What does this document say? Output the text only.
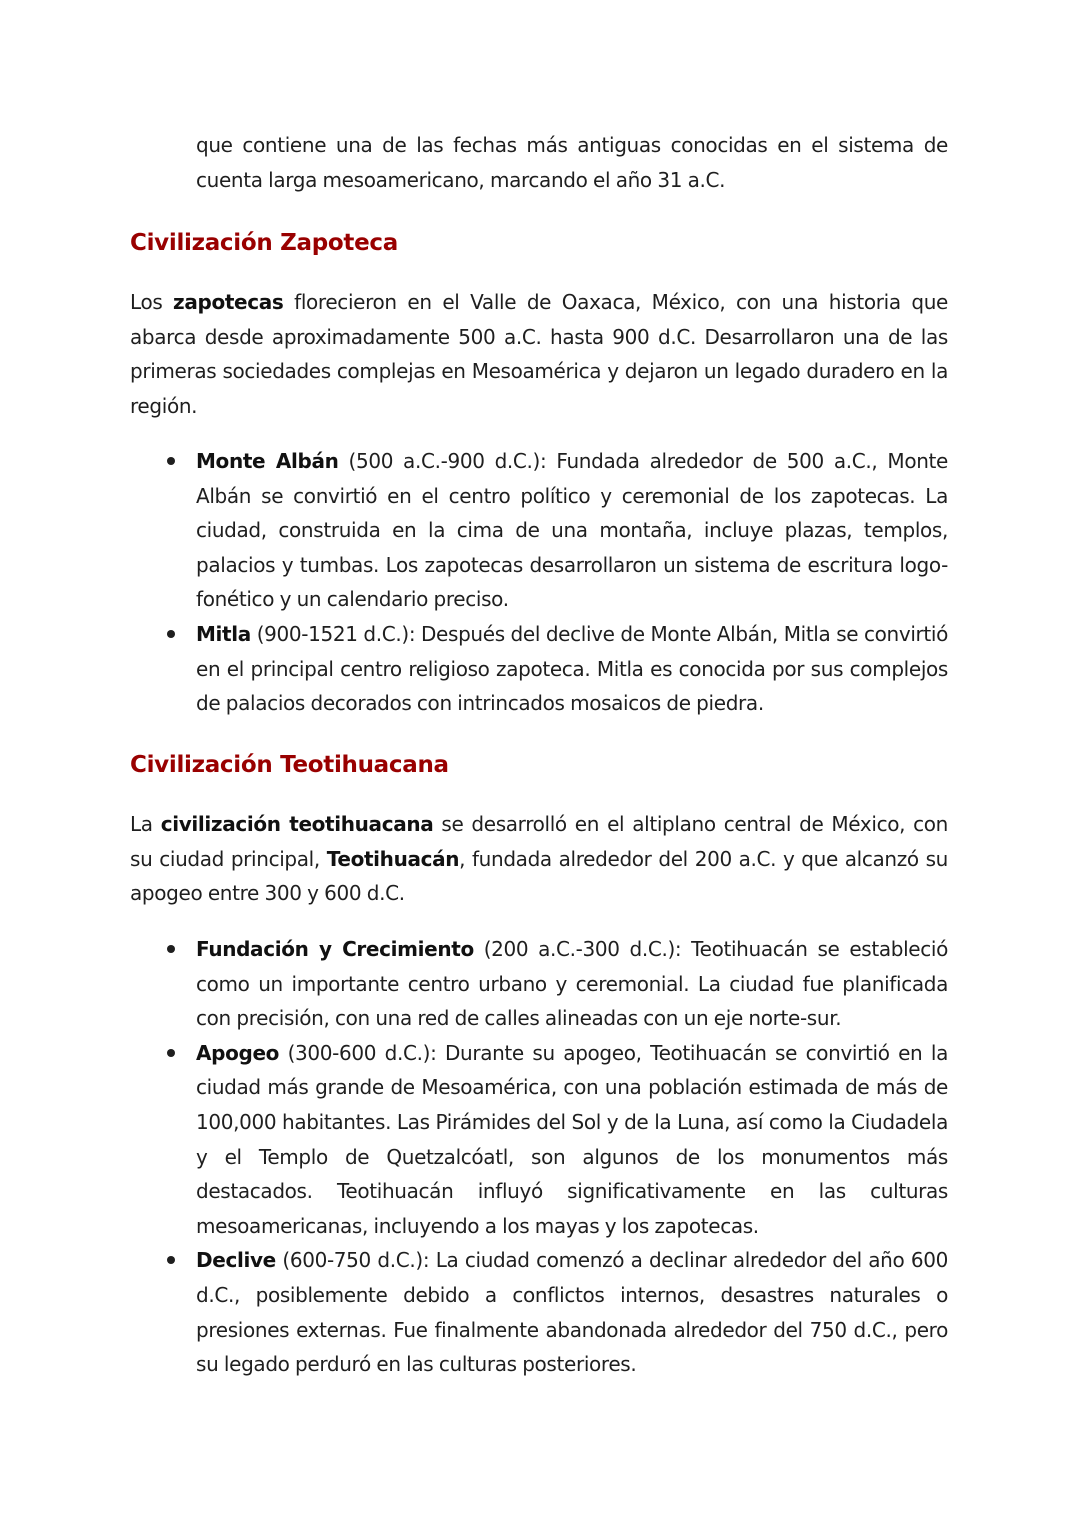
que contiene una de las fechas más antiguas conocidas en el sistema de cuenta larga mesoamericano, marcando el año 31 a.C.

Civilización Zapoteca

Los zapotecas florecieron en el Valle de Oaxaca, México, con una historia que abarca desde aproximadamente 500 a.C. hasta 900 d.C. Desarrollaron una de las primeras sociedades complejas en Mesoamérica y dejaron un legado duradero en la región.

Monte Albán (500 a.C.-900 d.C.): Fundada alrededor de 500 a.C., Monte Albán se convirtió en el centro político y ceremonial de los zapotecas. La ciudad, construida en la cima de una montaña, incluye plazas, templos, palacios y tumbas. Los zapotecas desarrollaron un sistema de escritura logo-fonético y un calendario preciso.
Mitla (900-1521 d.C.): Después del declive de Monte Albán, Mitla se convirtió en el principal centro religioso zapoteca. Mitla es conocida por sus complejos de palacios decorados con intrincados mosaicos de piedra.
Civilización Teotihuacana

La civilización teotihuacana se desarrolló en el altiplano central de México, con su ciudad principal, Teotihuacán, fundada alrededor del 200 a.C. y que alcanzó su apogeo entre 300 y 600 d.C.

Fundación y Crecimiento (200 a.C.-300 d.C.): Teotihuacán se estableció como un importante centro urbano y ceremonial. La ciudad fue planificada con precisión, con una red de calles alineadas con un eje norte-sur.
Apogeo (300-600 d.C.): Durante su apogeo, Teotihuacán se convirtió en la ciudad más grande de Mesoamérica, con una población estimada de más de 100,000 habitantes. Las Pirámides del Sol y de la Luna, así como la Ciudadela y el Templo de Quetzalcóatl, son algunos de los monumentos más destacados. Teotihuacán influyó significativamente en las culturas mesoamericanas, incluyendo a los mayas y los zapotecas.
Declive (600-750 d.C.): La ciudad comenzó a declinar alrededor del año 600 d.C., posiblemente debido a conflictos internos, desastres naturales o presiones externas. Fue finalmente abandonada alrededor del 750 d.C., pero su legado perduró en las culturas posteriores.
